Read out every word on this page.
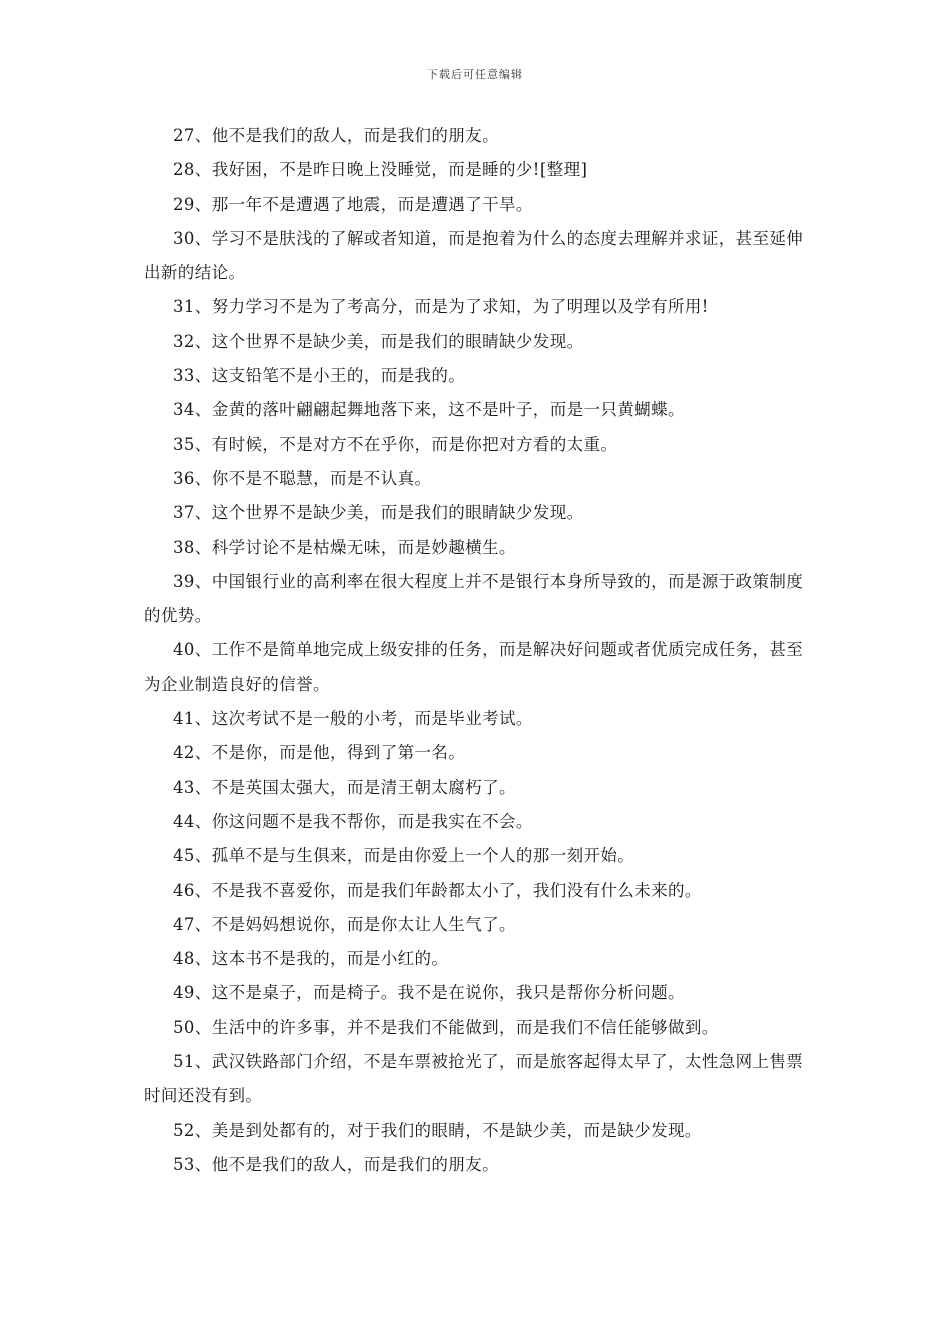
下载后可任意编辑

27、他不是我们的敌人，而是我们的朋友。

28、我好困，不是昨日晚上没睡觉，而是睡的少![整理]

29、那一年不是遭遇了地震，而是遭遇了干旱。

30、学习不是肤浅的了解或者知道，而是抱着为什么的态度去理解并求证，甚至延伸出新的结论。

31、努力学习不是为了考高分，而是为了求知，为了明理以及学有所用!

32、这个世界不是缺少美，而是我们的眼睛缺少发现。

33、这支铅笔不是小王的，而是我的。

34、金黄的落叶翩翩起舞地落下来，这不是叶子，而是一只黄蝴蝶。

35、有时候，不是对方不在乎你，而是你把对方看的太重。

36、你不是不聪慧，而是不认真。

37、这个世界不是缺少美，而是我们的眼睛缺少发现。

38、科学讨论不是枯燥无味，而是妙趣横生。

39、中国银行业的高利率在很大程度上并不是银行本身所导致的，而是源于政策制度的优势。

40、工作不是简单地完成上级安排的任务，而是解决好问题或者优质完成任务，甚至为企业制造良好的信誉。

41、这次考试不是一般的小考，而是毕业考试。

42、不是你，而是他，得到了第一名。

43、不是英国太强大，而是清王朝太腐朽了。

44、你这问题不是我不帮你，而是我实在不会。

45、孤单不是与生俱来，而是由你爱上一个人的那一刻开始。

46、不是我不喜爱你，而是我们年龄都太小了，我们没有什么未来的。

47、不是妈妈想说你，而是你太让人生气了。

48、这本书不是我的，而是小红的。

49、这不是桌子，而是椅子。我不是在说你，我只是帮你分析问题。

50、生活中的许多事，并不是我们不能做到，而是我们不信任能够做到。

51、武汉铁路部门介绍，不是车票被抢光了，而是旅客起得太早了，太性急网上售票时间还没有到。

52、美是到处都有的，对于我们的眼睛，不是缺少美，而是缺少发现。

53、他不是我们的敌人，而是我们的朋友。
